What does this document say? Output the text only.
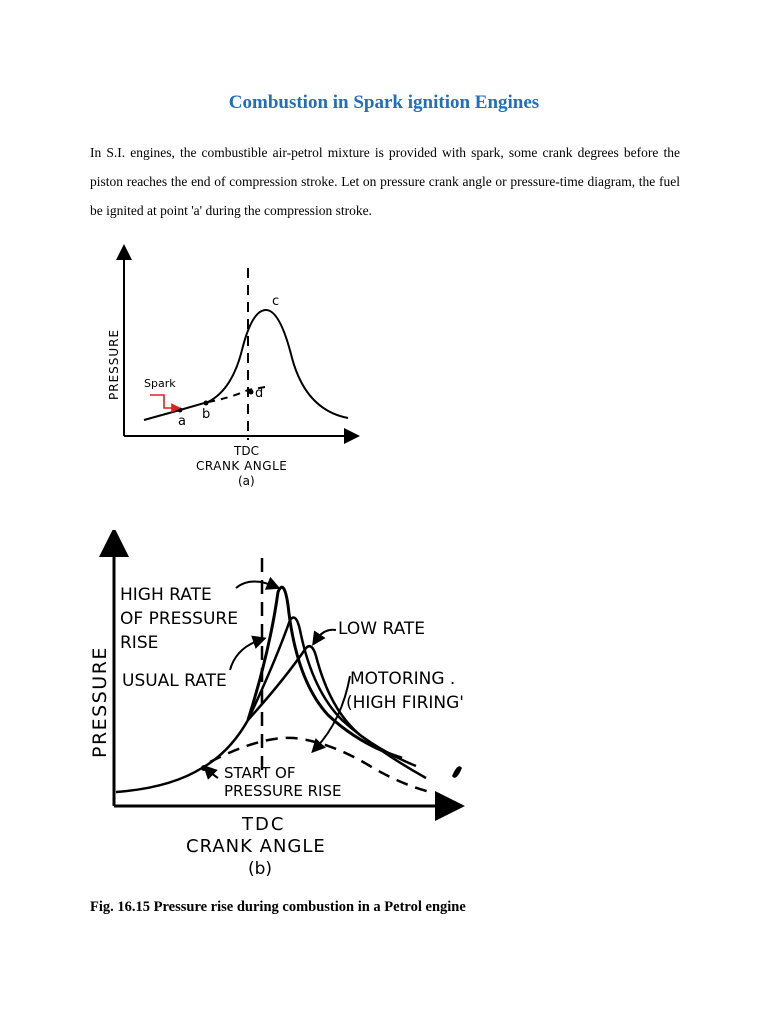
Combustion in Spark ignition Engines
In S.I. engines, the combustible air-petrol mixture is provided with spark, some crank degrees before the piston reaches the end of compression stroke. Let on pressure crank angle or pressure-time diagram, the fuel be ignited at point 'a' during the compression stroke.
Spark
a b
c
d
PRESSURE
TDC
CRANK ANGLE
(a)
PRESSURE
HIGH RATE
OF PRESSURE
RISE
USUAL RATE
LOW RATE
MOTORING .
(HIGH FIRING'
START OF
PRESSURE RISE
TDC
CRANK ANGLE
(b)
Fig. 16.15 Pressure rise during combustion in a Petrol engine
